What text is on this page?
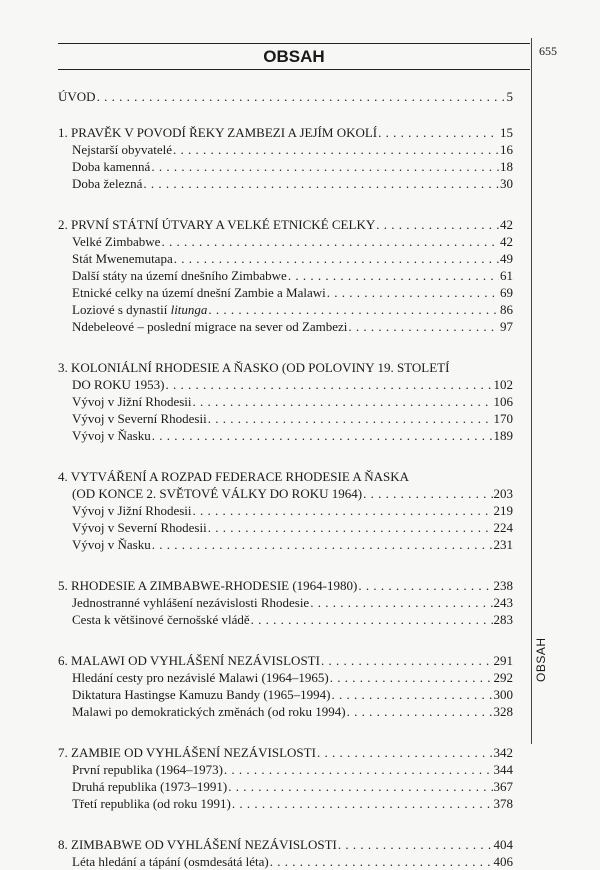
655
OBSAH
OBSAH
ÚVOD . . .	5
1. PRAVĚK V POVODÍ ŘEKY ZAMBEZI A JEJÍM OKOLÍ . . .	15
Nejstarší obyvatelé . . .	16
Doba kamenná . . .	18
Doba železná . . .	30
2. PRVNÍ STÁTNÍ ÚTVARY A VELKÉ ETNICKÉ CELKY . . .	42
Velké Zimbabwe . . .	42
Stát Mwenemutapa . . .	49
Další státy na území dnešního Zimbabwe . . .	61
Etnické celky na území dnešní Zambie a Malawi . . .	69
Loziové s dynastií litunga . . .	86
Ndebeleové – poslední migrace na sever od Zambezi . . .	97
3. KOLONIÁLNÍ RHODESIE A ŇASKO (OD POLOVINY 19. STOLETÍ
DO ROKU 1953) . . .	102
Vývoj v Jižní Rhodesii . . .	106
Vývoj v Severní Rhodesii . . .	170
Vývoj v Ňasku . . .	189
4. VYTVÁŘENÍ A ROZPAD FEDERACE RHODESIE A ŇASKA
(OD KONCE 2. SVĚTOVÉ VÁLKY DO ROKU 1964) . . .	203
Vývoj v Jižní Rhodesii . . .	219
Vývoj v Severní Rhodesii . . .	224
Vývoj v Ňasku . . .	231
5. RHODESIE A ZIMBABWE-RHODESIE (1964-1980) . . .	238
Jednostranné vyhlášení nezávislosti Rhodesie . . .	243
Cesta k většinové černošské vládě . . .	283
6. MALAWI OD VYHLÁŠENÍ NEZÁVISLOSTI . . .	291
Hledání cesty pro nezávislé Malawi (1964–1965) . . .	292
Diktatura Hastingse Kamuzu Bandy (1965–1994) . . .	300
Malawi po demokratických změnách (od roku 1994) . . .	328
7. ZAMBIE OD VYHLÁŠENÍ NEZÁVISLOSTI . . .	342
První republika (1964–1973) . . .	344
Druhá republika (1973–1991) . . .	367
Třetí republika (od roku 1991) . . .	378
8. ZIMBABWE OD VYHLÁŠENÍ NEZÁVISLOSTI . . .	404
Léta hledání a tápání (osmdesátá léta) . . .	406
